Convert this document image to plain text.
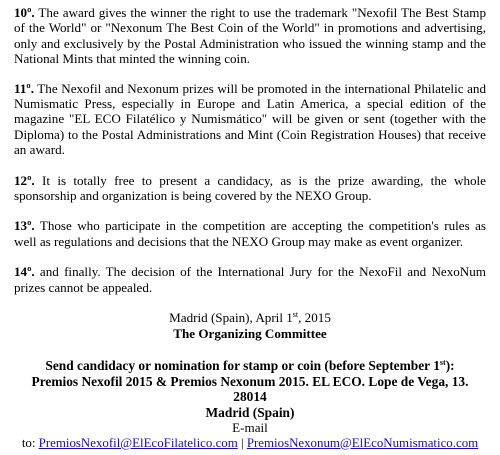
10º. The award gives the winner the right to use the trademark "Nexofil The Best Stamp of the World" or "Nexonum The Best Coin of the World" in promotions and advertising, only and exclusively by the Postal Administration who issued the winning stamp and the National Mints that minted the winning coin.

11º. The Nexofil and Nexonum prizes will be promoted in the international Philatelic and Numismatic Press, especially in Europe and Latin America, a special edition of the magazine "EL ECO Filatélico y Numismático" will be given or sent (together with the Diploma) to the Postal Administrations and Mint (Coin Registration Houses) that receive an award.

12º. It is totally free to present a candidacy, as is the prize awarding, the whole sponsorship and organization is being covered by the NEXO Group.

13º. Those who participate in the competition are accepting the competition's rules as well as regulations and decisions that the NEXO Group may make as event organizer.

14º. and finally. The decision of the International Jury for the NexoFil and NexoNum prizes cannot be appealed.

Madrid (Spain), April 1st, 2015
The Organizing Committee
Send candidacy or nomination for stamp or coin (before September 1st):
Premios Nexofil 2015 & Premios Nexonum 2015. EL ECO. Lope de Vega, 13. 28014
Madrid (Spain)
E-mail
to: PremiosNexofil@ElEcoFilatelico.com | PremiosNexonum@ElEcoNumismatico.com
